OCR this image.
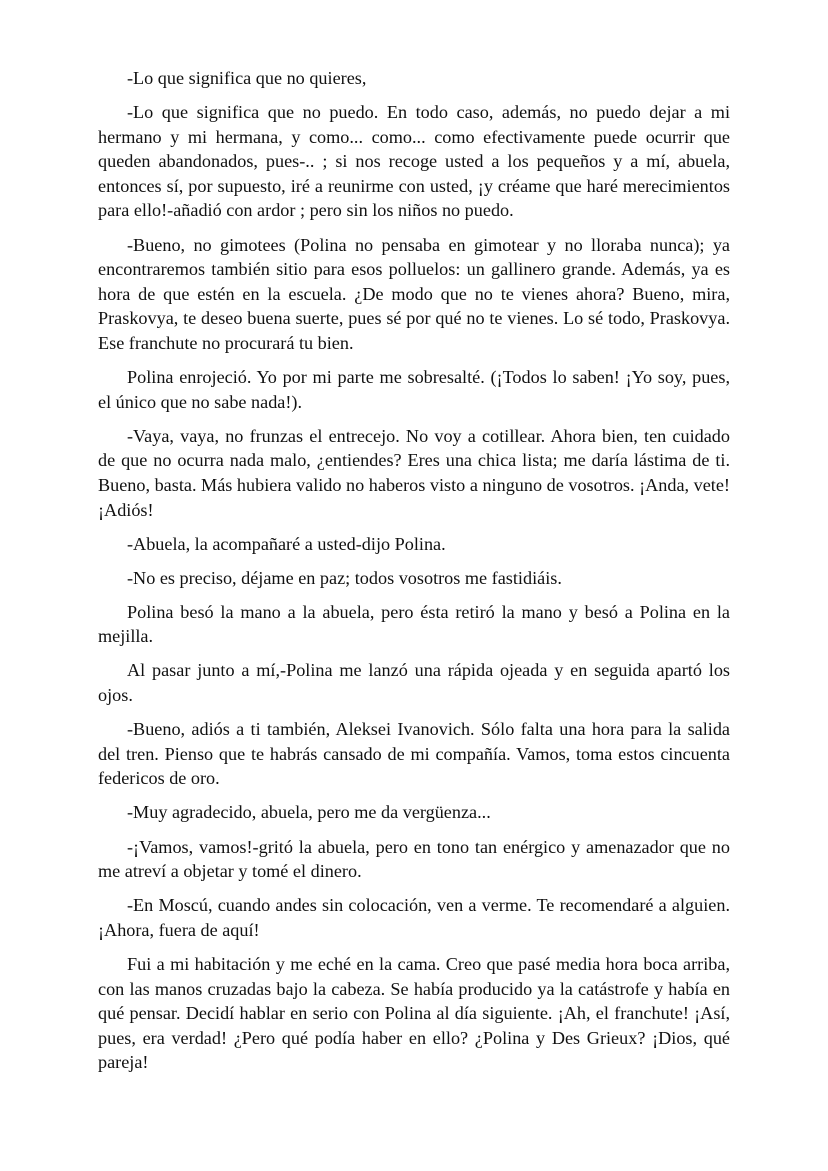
-Lo que significa que no quieres,

-Lo que significa que no puedo. En todo caso, además, no puedo dejar a mi hermano y mi hermana, y como... como... como efectivamente puede ocurrir que queden abandonados, pues-.. ; si nos recoge usted a los pequeños y a mí, abuela, entonces sí, por supuesto, iré a reunirme con usted, ¡y créame que haré merecimientos para ello!-añadió con ardor ; pero sin los niños no puedo.

-Bueno, no gimotees (Polina no pensaba en gimotear y no lloraba nunca); ya encontraremos también sitio para esos polluelos: un gallinero grande. Además, ya es hora de que estén en la escuela. ¿De modo que no te vienes ahora? Bueno, mira, Praskovya, te deseo buena suerte, pues sé por qué no te vienes. Lo sé todo, Praskovya. Ese franchute no procurará tu bien.

Polina enrojeció. Yo por mi parte me sobresalté. (¡Todos lo saben! ¡Yo soy, pues, el único que no sabe nada!).

-Vaya, vaya, no frunzas el entrecejo. No voy a cotillear. Ahora bien, ten cuidado de que no ocurra nada malo, ¿entiendes? Eres una chica lista; me daría lástima de ti. Bueno, basta. Más hubiera valido no haberos visto a ninguno de vosotros. ¡Anda, vete! ¡Adiós!

-Abuela, la acompañaré a usted-dijo Polina.

-No es preciso, déjame en paz; todos vosotros me fastidiáis.

Polina besó la mano a la abuela, pero ésta retiró la mano y besó a Polina en la mejilla.

Al pasar junto a mí,-Polina me lanzó una rápida ojeada y en seguida apartó los ojos.

-Bueno, adiós a ti también, Aleksei Ivanovich. Sólo falta una hora para la salida del tren. Pienso que te habrás cansado de mi compañía. Vamos, toma estos cincuenta federicos de oro.

-Muy agradecido, abuela, pero me da vergüenza...

-¡Vamos, vamos!-gritó la abuela, pero en tono tan enérgico y amenazador que no me atreví a objetar y tomé el dinero.

-En Moscú, cuando andes sin colocación, ven a verme. Te recomendaré a alguien. ¡Ahora, fuera de aquí!

Fui a mi habitación y me eché en la cama. Creo que pasé media hora boca arriba, con las manos cruzadas bajo la cabeza. Se había producido ya la catástrofe y había en qué pensar. Decidí hablar en serio con Polina al día siguiente. ¡Ah, el franchute! ¡Así, pues, era verdad! ¿Pero qué podía haber en ello? ¿Polina y Des Grieux? ¡Dios, qué pareja!
